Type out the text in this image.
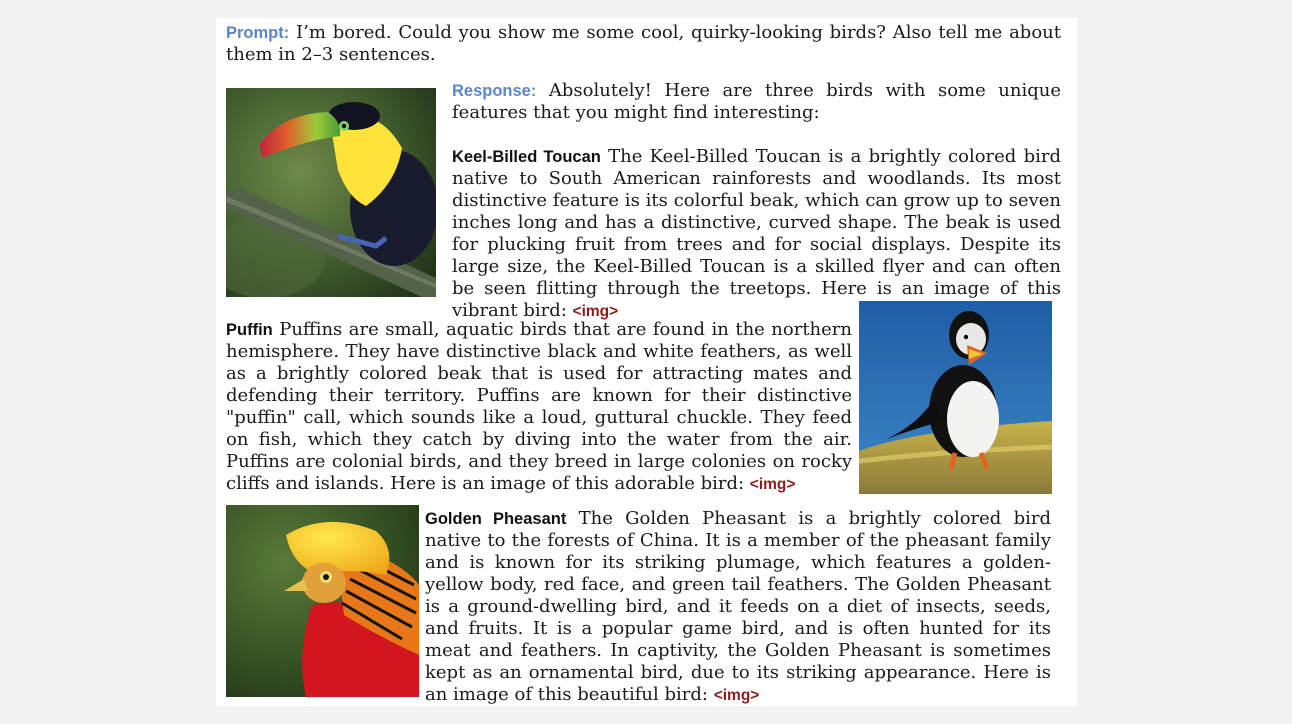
Prompt: I’m bored. Could you show me some cool, quirky-looking birds? Also tell me about them in 2–3 sentences.
Response: Absolutely! Here are three birds with some unique features that you might find interesting:
Keel-Billed Toucan The Keel-Billed Toucan is a brightly colored bird native to South American rainforests and woodlands. Its most distinctive feature is its colorful beak, which can grow up to seven inches long and has a distinctive, curved shape. The beak is used for plucking fruit from trees and for social displays. Despite its large size, the Keel-Billed Toucan is a skilled flyer and can often be seen flitting through the treetops. Here is an image of this vibrant bird: <img>
Puffin Puffins are small, aquatic birds that are found in the northern hemisphere. They have distinctive black and white feathers, as well as a brightly colored beak that is used for attracting mates and defending their territory. Puffins are known for their distinctive "puffin" call, which sounds like a loud, guttural chuckle. They feed on fish, which they catch by diving into the water from the air. Puffins are colonial birds, and they breed in large colonies on rocky cliffs and islands. Here is an image of this adorable bird: <img>
Golden Pheasant The Golden Pheasant is a brightly colored bird native to the forests of China. It is a member of the pheasant family and is known for its striking plumage, which features a golden-yellow body, red face, and green tail feathers. The Golden Pheasant is a ground-dwelling bird, and it feeds on a diet of insects, seeds, and fruits. It is a popular game bird, and is often hunted for its meat and feathers. In captivity, the Golden Pheasant is sometimes kept as an ornamental bird, due to its striking appearance. Here is an image of this beautiful bird: <img>
